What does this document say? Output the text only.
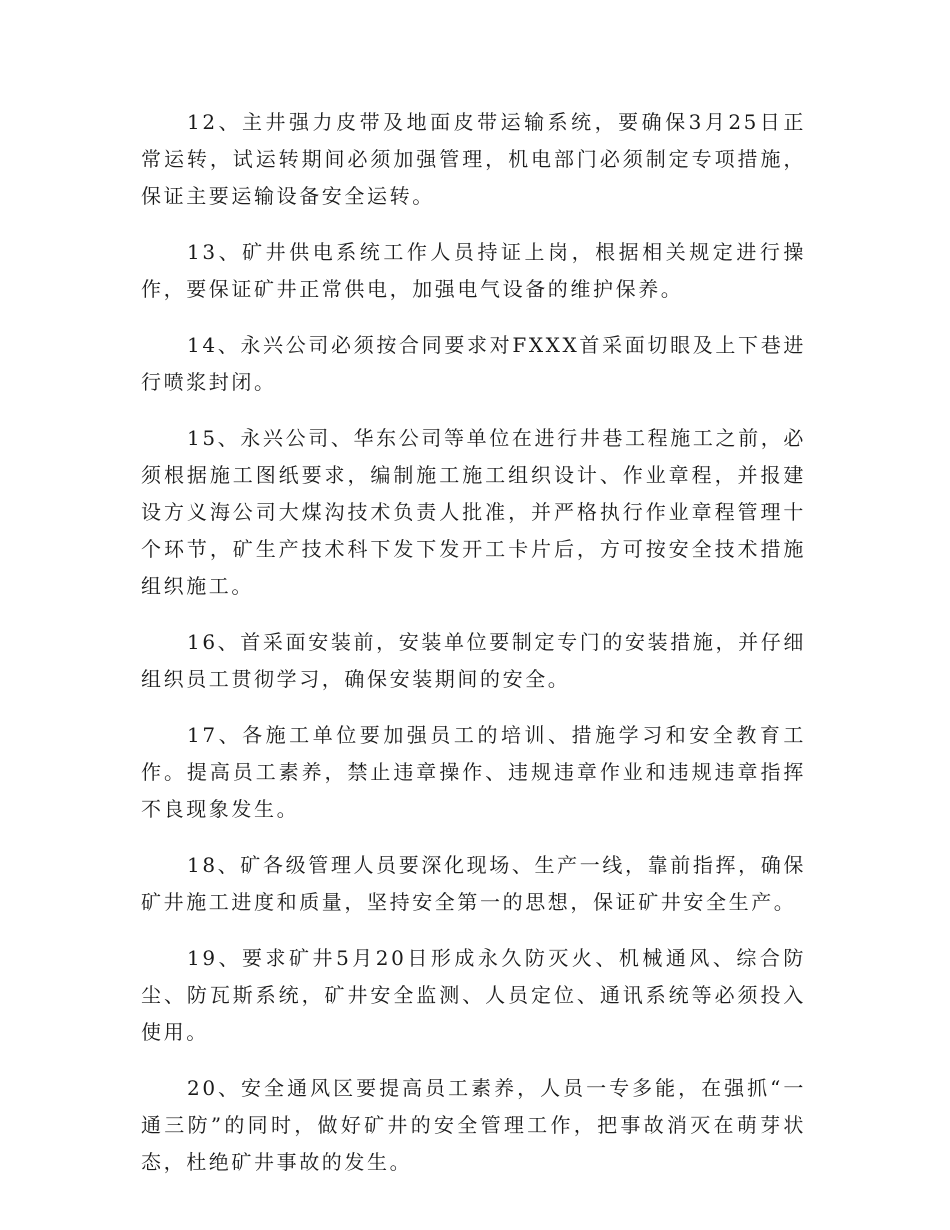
12、主井强力皮带及地面皮带运输系统，要确保3月25日正常运转，试运转期间必须加强管理，机电部门必须制定专项措施，保证主要运输设备安全运转。

13、矿井供电系统工作人员持证上岗，根据相关规定进行操作，要保证矿井正常供电，加强电气设备的维护保养。

14、永兴公司必须按合同要求对FXXX首采面切眼及上下巷进行喷浆封闭。

15、永兴公司、华东公司等单位在进行井巷工程施工之前，必须根据施工图纸要求，编制施工施工组织设计、作业章程，并报建设方义海公司大煤沟技术负责人批准，并严格执行作业章程管理十个环节，矿生产技术科下发下发开工卡片后，方可按安全技术措施组织施工。

16、首采面安装前，安装单位要制定专门的安装措施，并仔细组织员工贯彻学习，确保安装期间的安全。

17、各施工单位要加强员工的培训、措施学习和安全教育工作。提高员工素养，禁止违章操作、违规违章作业和违规违章指挥不良现象发生。

18、矿各级管理人员要深化现场、生产一线，靠前指挥，确保矿井施工进度和质量，坚持安全第一的思想，保证矿井安全生产。

19、要求矿井5月20日形成永久防灭火、机械通风、综合防尘、防瓦斯系统，矿井安全监测、人员定位、通讯系统等必须投入使用。

20、安全通风区要提高员工素养，人员一专多能，在强抓“一通三防”的同时，做好矿井的安全管理工作，把事故消灭在萌芽状态，杜绝矿井事故的发生。
